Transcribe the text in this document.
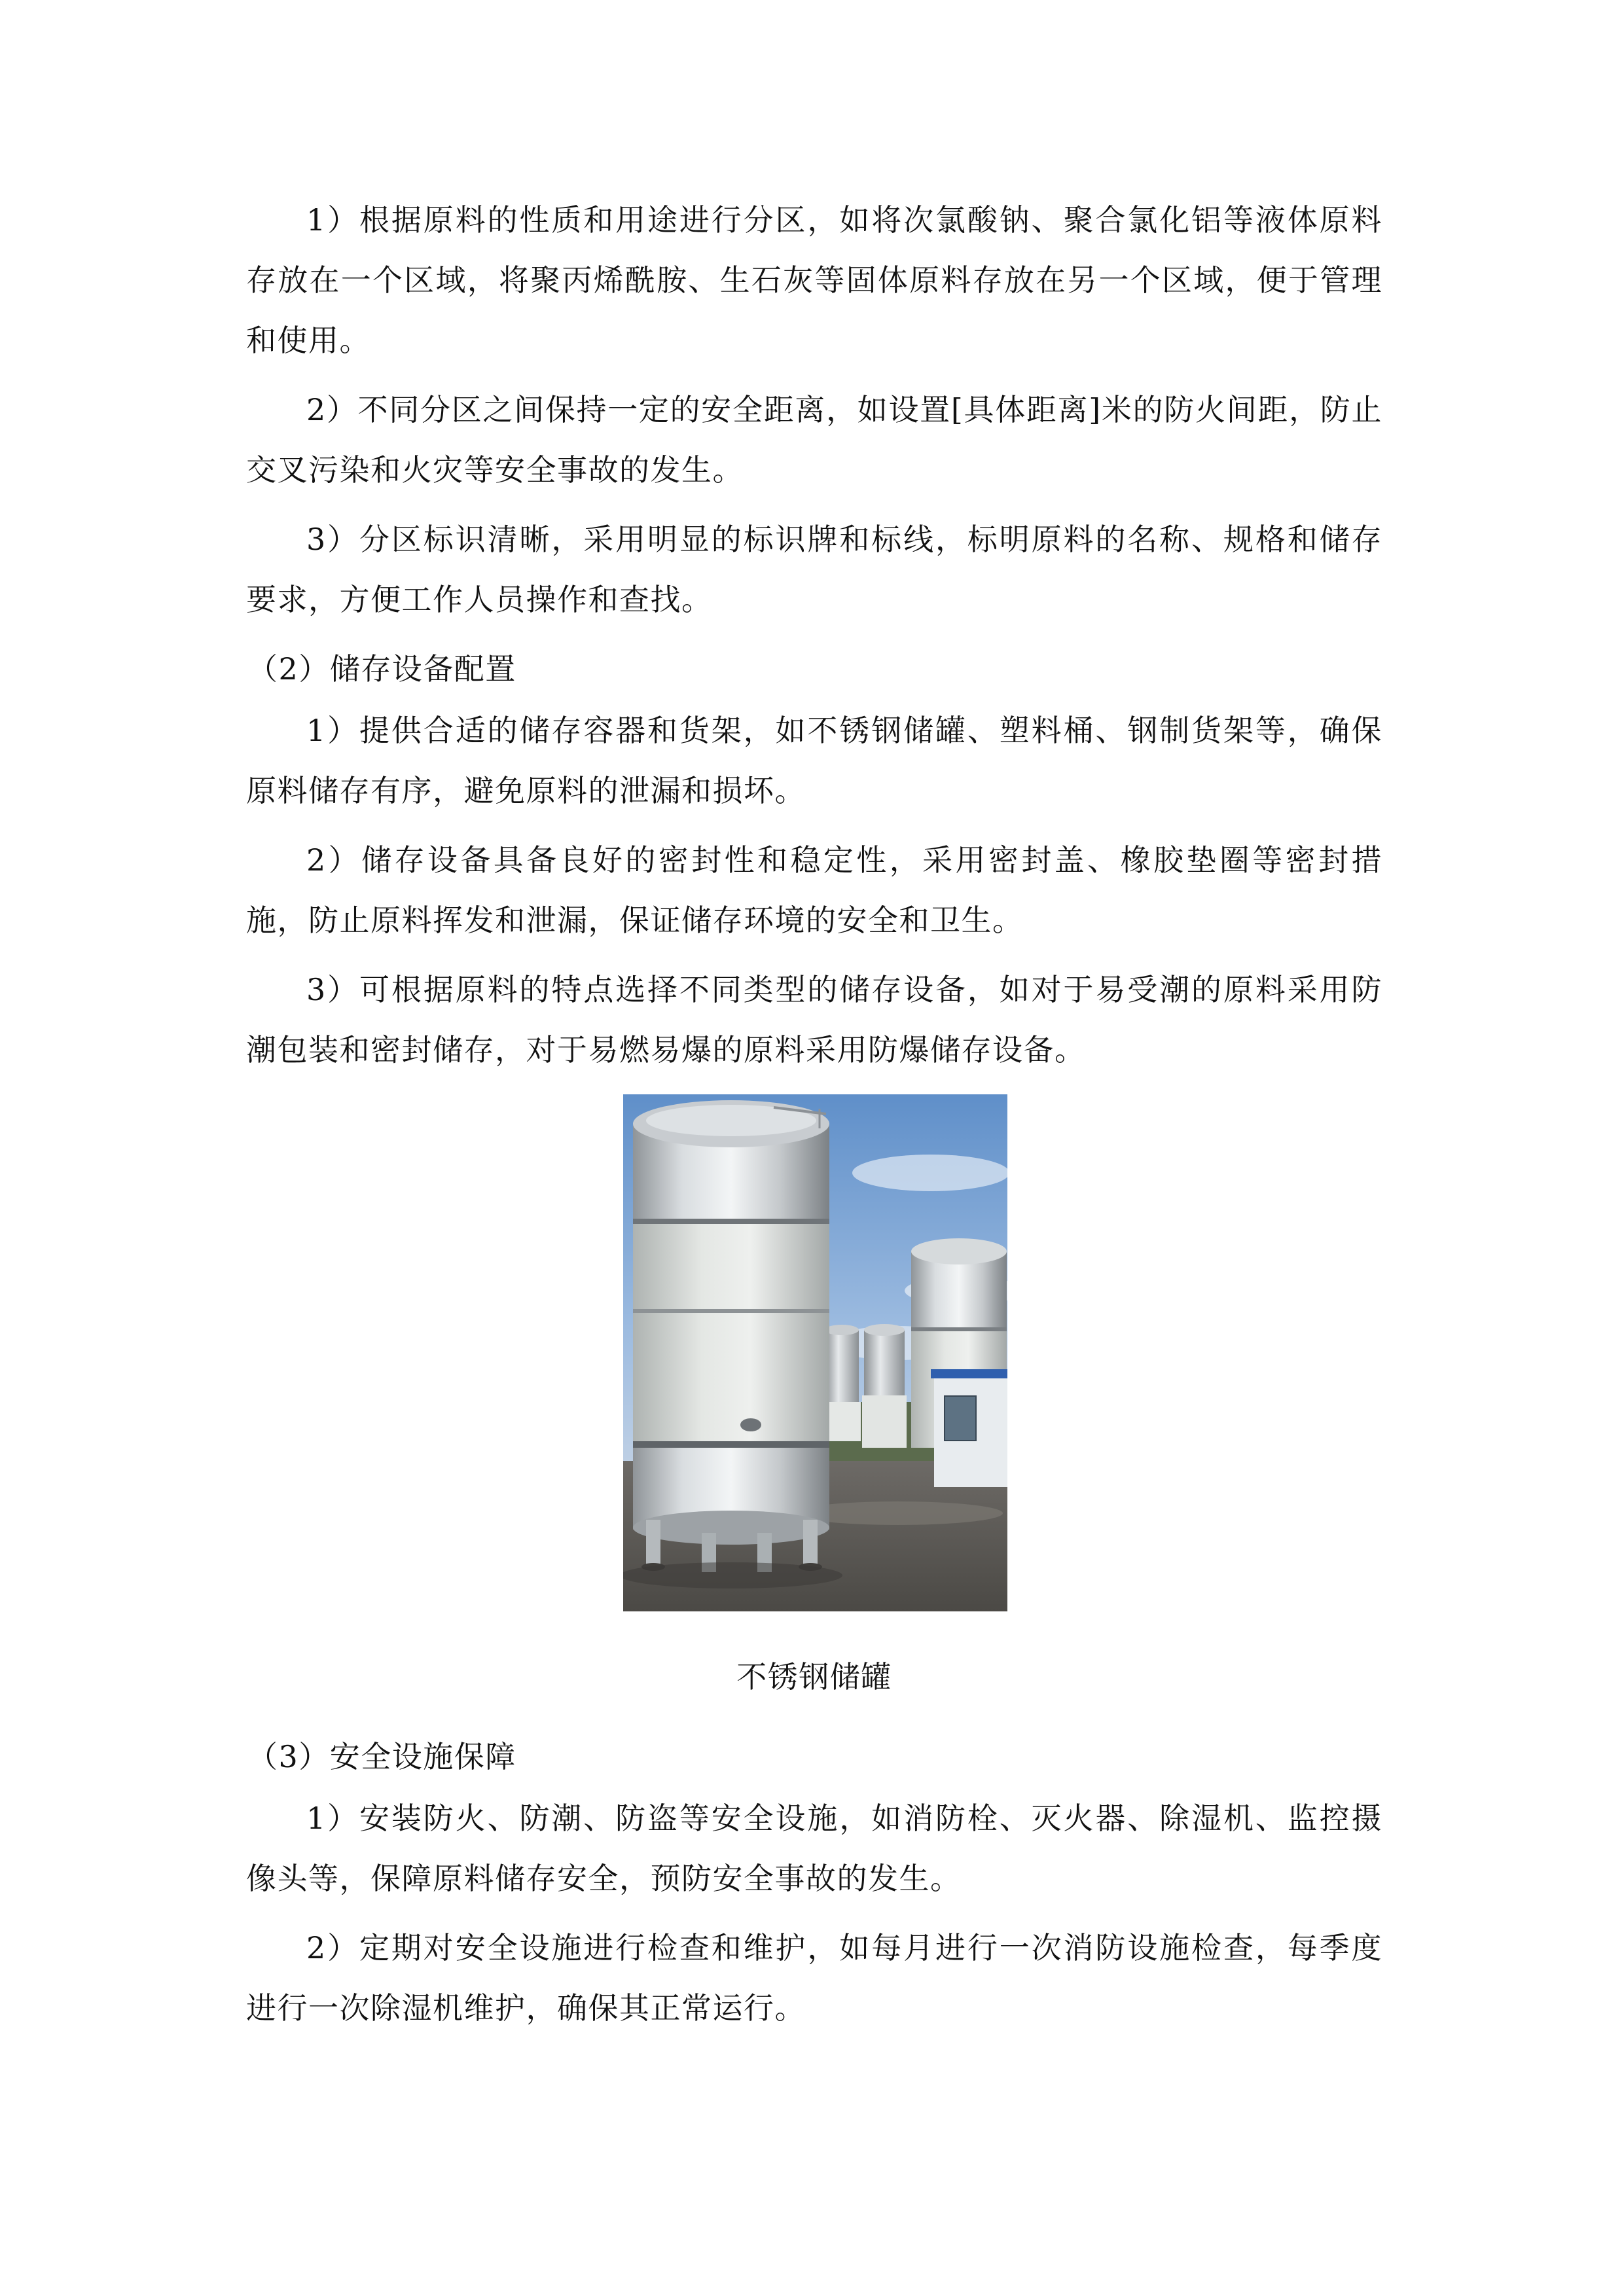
1）根据原料的性质和用途进行分区，如将次氯酸钠、聚合氯化铝等液体原料存放在一个区域，将聚丙烯酰胺、生石灰等固体原料存放在另一个区域，便于管理和使用。

2）不同分区之间保持一定的安全距离，如设置[具体距离]米的防火间距，防止交叉污染和火灾等安全事故的发生。

3）分区标识清晰，采用明显的标识牌和标线，标明原料的名称、规格和储存要求，方便工作人员操作和查找。

（2）储存设备配置

1）提供合适的储存容器和货架，如不锈钢储罐、塑料桶、钢制货架等，确保原料储存有序，避免原料的泄漏和损坏。

2）储存设备具备良好的密封性和稳定性，采用密封盖、橡胶垫圈等密封措施，防止原料挥发和泄漏，保证储存环境的安全和卫生。

3）可根据原料的特点选择不同类型的储存设备，如对于易受潮的原料采用防潮包装和密封储存，对于易燃易爆的原料采用防爆储存设备。

不锈钢储罐

（3）安全设施保障

1）安装防火、防潮、防盗等安全设施，如消防栓、灭火器、除湿机、监控摄像头等，保障原料储存安全，预防安全事故的发生。

2）定期对安全设施进行检查和维护，如每月进行一次消防设施检查，每季度进行一次除湿机维护，确保其正常运行。
